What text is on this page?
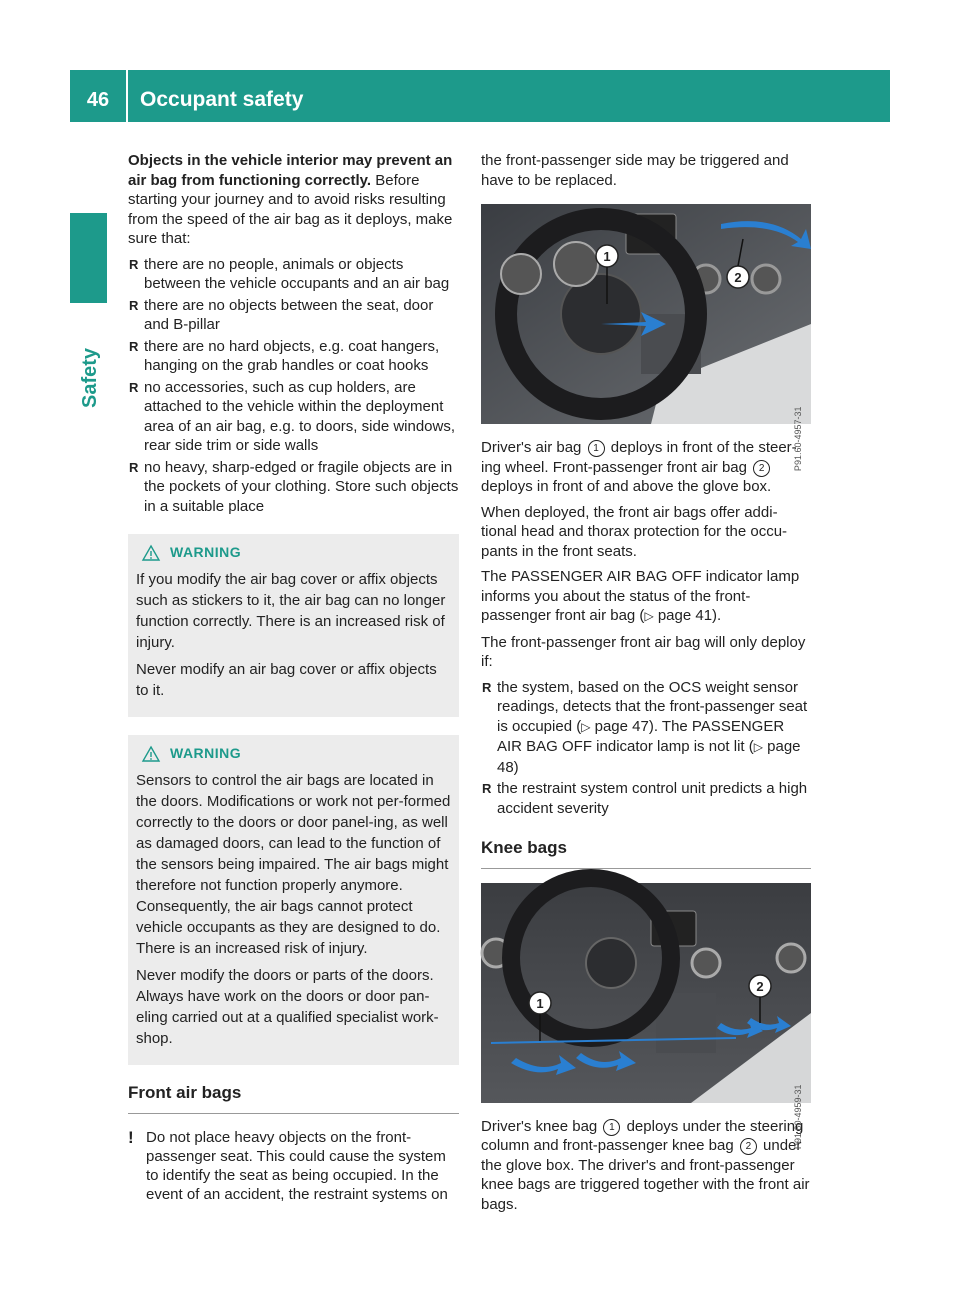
46	Occupant safety
Safety

Objects in the vehicle interior may prevent an air bag from functioning correctly. Before starting your journey and to avoid risks resulting from the speed of the air bag as it deploys, make sure that:

R there are no people, animals or objects between the vehicle occupants and an air bag
R there are no objects between the seat, door and B-pillar
R there are no hard objects, e.g. coat hangers, hanging on the grab handles or coat hooks
R no accessories, such as cup holders, are attached to the vehicle within the deployment area of an air bag, e.g. to doors, side windows, rear side trim or side walls
R no heavy, sharp-edged or fragile objects are in the pockets of your clothing. Store such objects in a suitable place
WARNING

If you modify the air bag cover or affix objects such as stickers to it, the air bag can no longer function correctly. There is an increased risk of injury.

Never modify an air bag cover or affix objects to it.

WARNING

Sensors to control the air bags are located in the doors. Modifications or work not per-formed correctly to the doors or door panel-ing, as well as damaged doors, can lead to the function of the sensors being impaired. The air bags might therefore not function properly anymore. Consequently, the air bags cannot protect vehicle occupants as they are designed to do. There is an increased risk of injury.

Never modify the doors or parts of the doors. Always have work on the doors or door pan-eling carried out at a qualified specialist work-shop.

Front air bags
! Do not place heavy objects on the front-passenger seat. This could cause the system to identify the seat as being occupied. In the event of an accident, the restraint systems on

the front-passenger side may be triggered and have to be replaced.

1
2
P91.60-4957-31

Driver's air bag 1 deploys in front of the steer-ing wheel. Front-passenger front air bag 2 deploys in front of and above the glove box.

When deployed, the front air bags offer addi-tional head and thorax protection for the occu-pants in the front seats.

The PASSENGER AIR BAG OFF indicator lamp informs you about the status of the front-passenger front air bag (▷ page 41).

The front-passenger front air bag will only deploy if:

R the system, based on the OCS weight sensor readings, detects that the front-passenger seat is occupied (▷ page 47). The PASSENGER AIR BAG OFF indicator lamp is not lit (▷ page 48)
R the restraint system control unit predicts a high accident severity
Knee bags
1
2
P91.60-4959-31

Driver's knee bag 1 deploys under the steering column and front-passenger knee bag 2 under the glove box. The driver's and front-passenger knee bags are triggered together with the front air bags.
